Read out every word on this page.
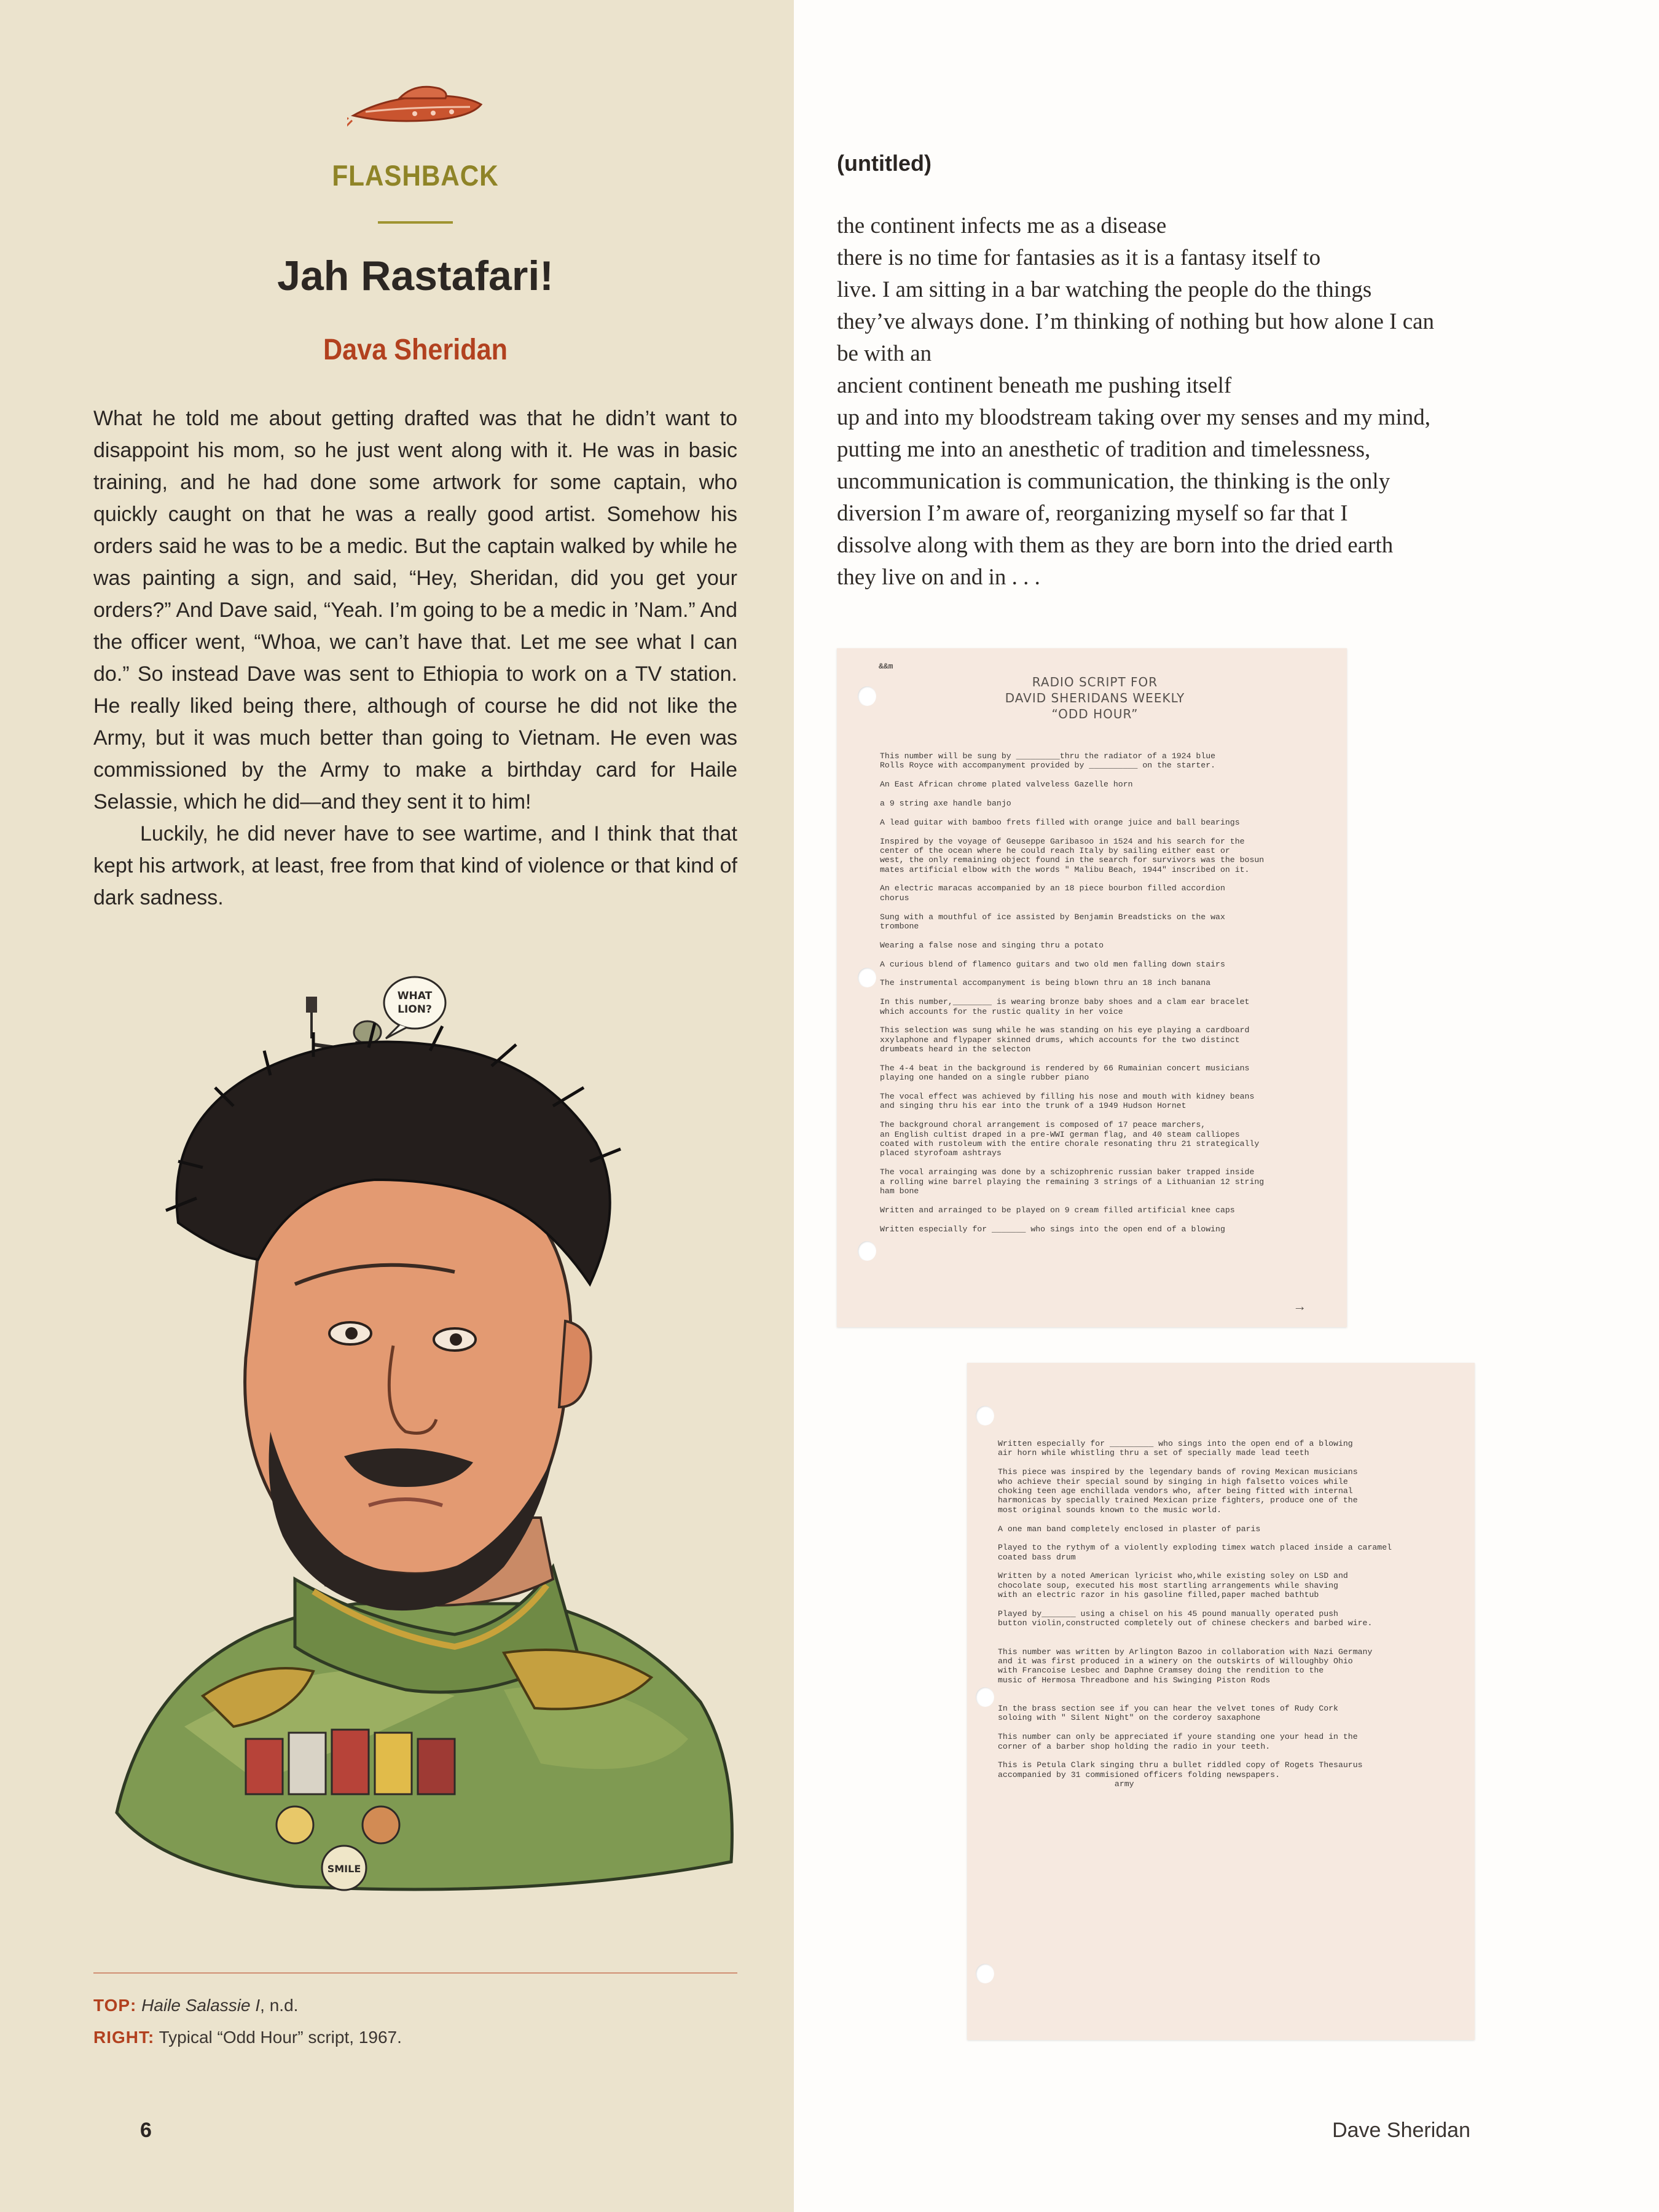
FLASHBACK
Jah Rastafari!
Dava Sheridan

What he told me about getting drafted was that he didn’t want to disappoint his mom, so he just went along with it. He was in basic training, and he had done some artwork for some captain, who quickly caught on that he was a really good artist. Somehow his orders said he was to be a medic. But the captain walked by while he was painting a sign, and said, “Hey, Sheridan, did you get your orders?” And Dave said, “Yeah. I’m going to be a medic in ’Nam.” And the officer went, “Whoa, we can’t have that. Let me see what I can do.” So instead Dave was sent to Ethiopia to work on a TV station. He really liked being there, although of course he did not like the Army, but it was much better than going to Vietnam. He even was commissioned by the Army to make a birthday card for Haile Selassie, which he did—and they sent it to him!

Luckily, he did never have to see wartime, and I think that that kept his artwork, at least, free from that kind of violence or that kind of dark sadness.

WHAT
LION?
SMILE
TOP: Haile Salassie I, n.d.
RIGHT: Typical “Odd Hour” script, 1967.
6	Dave Sheridan
(untitled)
the continent infects me as a disease
there is no time for fantasies as it is a fantasy itself to
live. I am sitting in a bar watching the people do the things
they’ve always done. I’m thinking of nothing but how alone I can
be with an
ancient continent beneath me pushing itself
up and into my bloodstream taking over my senses and my mind,
putting me into an anesthetic of tradition and timelessness,
uncommunication is communication, the thinking is the only
diversion I’m aware of, reorganizing myself so far that I
dissolve along with them as they are born into the dried earth
they live on and in . . .
&&m
RADIO SCRIPT FOR
DAVID SHERIDANS WEEKLY
“ODD HOUR”
This number will be sung by _________thru the radiator of a 1924 blue
Rolls Royce with accompanyment provided by __________ on the starter.
An East African chrome plated valveless Gazelle horn
a 9 string axe handle banjo
A lead guitar with bamboo frets filled with orange juice and ball bearings
Inspired by the voyage of Geuseppe Garibasoo in 1524 and his search for the
center of the ocean where he could reach Italy by sailing either east or
west, the only remaining object found in the search for survivors was the bosun
mates artificial elbow with the words " Malibu Beach, 1944" inscribed on it.
An electric maracas accompanied by an 18 piece bourbon filled accordion
chorus
Sung with a mouthful of ice assisted by Benjamin Breadsticks on the wax
trombone
Wearing a false nose and singing thru a potato
A curious blend of flamenco guitars and two old men falling down stairs
The instrumental accompanyment is being blown thru an 18 inch banana
In this number,________ is wearing bronze baby shoes and a clam ear bracelet
which accounts for the rustic quality in her voice
This selection was sung while he was standing on his eye playing a cardboard
xxylaphone and flypaper skinned drums, which accounts for the two distinct
drumbeats heard in the selecton
The 4-4 beat in the background is rendered by 66 Rumainian concert musicians
playing one handed on a single rubber piano
The vocal effect was achieved by filling his nose and mouth with kidney beans
and singing thru his ear into the trunk of a 1949 Hudson Hornet
The background choral arrangement is composed of 17 peace marchers,
an English cultist draped in a pre-WWI german flag, and 40 steam calliopes
coated with rustoleum with the entire chorale resonating thru 21 strategically
placed styrofoam ashtrays
The vocal arrainging was done by a schizophrenic russian baker trapped inside
a rolling wine barrel playing the remaining 3 strings of a Lithuanian 12 string
ham bone
Written and arrainged to be played on 9 cream filled artificial knee caps
Written especially for _______ who sings into the open end of a blowing
→
Written especially for _________ who sings into the open end of a blowing
air horn while whistling thru a set of specially made lead teeth
This piece was inspired by the legendary bands of roving Mexican musicians
who achieve their special sound by singing in high falsetto voices while
choking teen age enchillada vendors who, after being fitted with internal
harmonicas by specially trained Mexican prize fighters, produce one of the
most original sounds known to the music world.
A one man band completely enclosed in plaster of paris
Played to the rythym of a violently exploding timex watch placed inside a caramel
coated bass drum
Written by a noted American lyricist who,while existing soley on LSD and
chocolate soup, executed his most startling arrangements while shaving
with an electric razor in his gasoline filled,paper mached bathtub
Played by_______ using a chisel on his 45 pound manually operated push
button violin,constructed completely out of chinese checkers and barbed wire.
This number was written by Arlington Bazoo in collaboration with Nazi Germany
and it was first produced in a winery on the outskirts of Willoughby Ohio
with Francoise Lesbec and Daphne Cramsey doing the rendition to the
music of Hermosa Threadbone and his Swinging Piston Rods
In the brass section see if you can hear the velvet tones of Rudy Cork
soloing with " Silent Night" on the corderoy saxaphone
This number can only be appreciated if youre standing one your head in the
corner of a barber shop holding the radio in your teeth.
This is Petula Clark singing thru a bullet riddled copy of Rogets Thesaurus
accompanied by 31 commisioned officers folding newspapers.
army
